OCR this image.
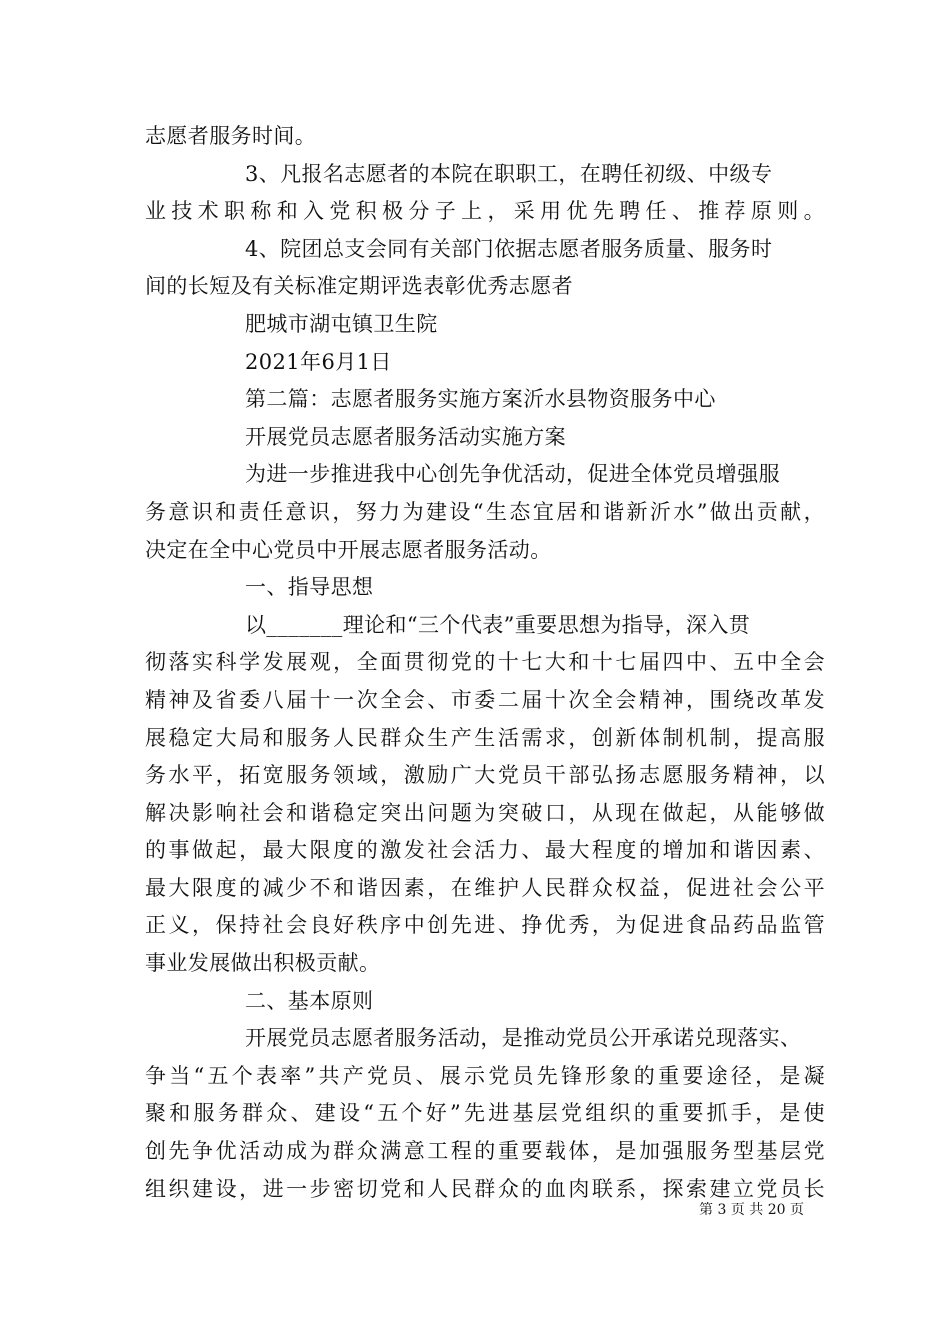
志愿者服务时间。
3、凡报名志愿者的本院在职职工，在聘任初级、中级专
业技术职称和入党积极分子上，采用优先聘任、推荐原则。
4、院团总支会同有关部门依据志愿者服务质量、服务时
间的长短及有关标准定期评选表彰优秀志愿者
肥城市湖屯镇卫生院
2021年6月1日
第二篇：志愿者服务实施方案沂水县物资服务中心
开展党员志愿者服务活动实施方案
为进一步推进我中心创先争优活动，促进全体党员增强服
务意识和责任意识，努力为建设“生态宜居和谐新沂水”做出贡献，
决定在全中心党员中开展志愿者服务活动。
一、指导思想
以_______理论和“三个代表”重要思想为指导，深入贯
彻落实科学发展观，全面贯彻党的十七大和十七届四中、五中全会
精神及省委八届十一次全会、市委二届十次全会精神，围绕改革发
展稳定大局和服务人民群众生产生活需求，创新体制机制，提高服
务水平，拓宽服务领域，激励广大党员干部弘扬志愿服务精神，以
解决影响社会和谐稳定突出问题为突破口，从现在做起，从能够做
的事做起，最大限度的激发社会活力、最大程度的增加和谐因素、
最大限度的减少不和谐因素，在维护人民群众权益，促进社会公平
正义，保持社会良好秩序中创先进、挣优秀，为促进食品药品监管
事业发展做出积极贡献。
二、基本原则
开展党员志愿者服务活动，是推动党员公开承诺兑现落实、
争当“五个表率”共产党员、展示党员先锋形象的重要途径，是凝
聚和服务群众、建设“五个好”先进基层党组织的重要抓手，是使
创先争优活动成为群众满意工程的重要载体，是加强服务型基层党
组织建设，进一步密切党和人民群众的血肉联系，探索建立党员长
第 3 页 共 20 页
